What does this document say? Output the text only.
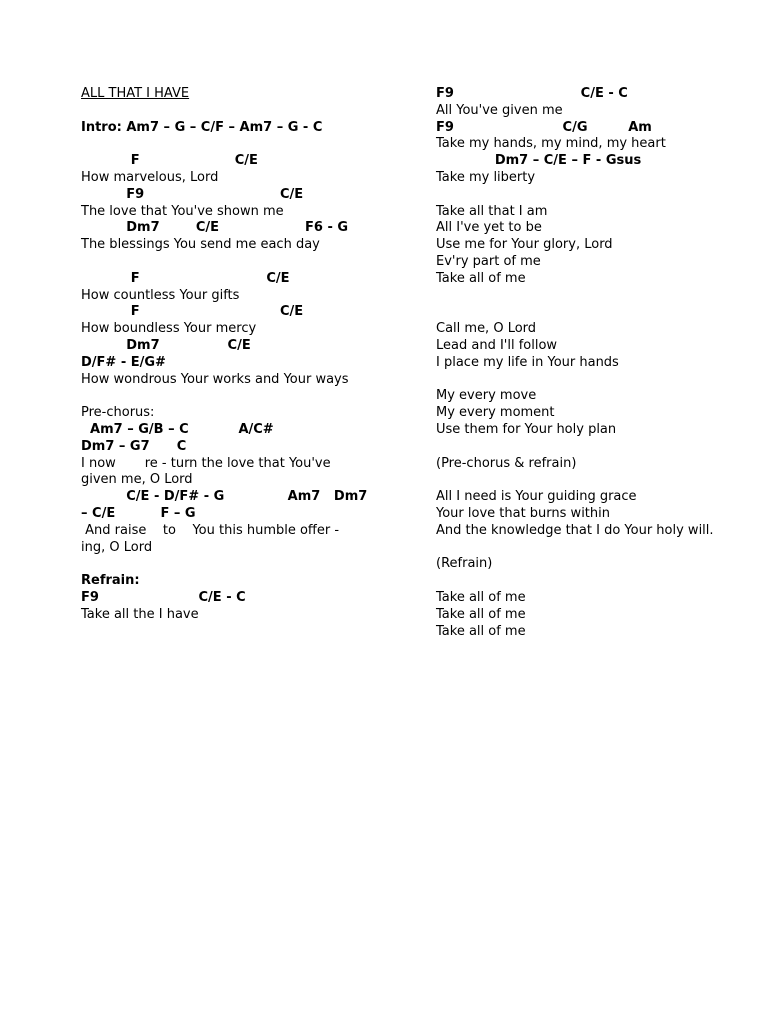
ALL THAT I HAVE
Intro: Am7 – G – C/F – Am7 – G - C
F                     C/E
How marvelous, Lord
F9                              C/E
The love that You've shown me
Dm7        C/E                   F6 - G
The blessings You send me each day
F                            C/E
How countless Your gifts
F                               C/E
How boundless Your mercy
Dm7               C/E
D/F# - E/G#
How wondrous Your works and Your ways
Pre-chorus:
Am7 – G/B – C           A/C#
Dm7 – G7      C
I now       re - turn the love that You've
given me, O Lord
C/E - D/F# - G              Am7   Dm7
– C/E          F – G
And raise    to    You this humble offer -
ing, O Lord
Refrain:
F9                      C/E - C
Take all the I have
F9                            C/E - C
All You've given me
F9                        C/G         Am
Take my hands, my mind, my heart
Dm7 – C/E – F - Gsus
Take my liberty
Take all that I am
All I've yet to be
Use me for Your glory, Lord
Ev'ry part of me
Take all of me
Call me, O Lord
Lead and I'll follow
I place my life in Your hands
My every move
My every moment
Use them for Your holy plan
(Pre-chorus & refrain)
All I need is Your guiding grace
Your love that burns within
And the knowledge that I do Your holy will.
(Refrain)
Take all of me
Take all of me
Take all of me
